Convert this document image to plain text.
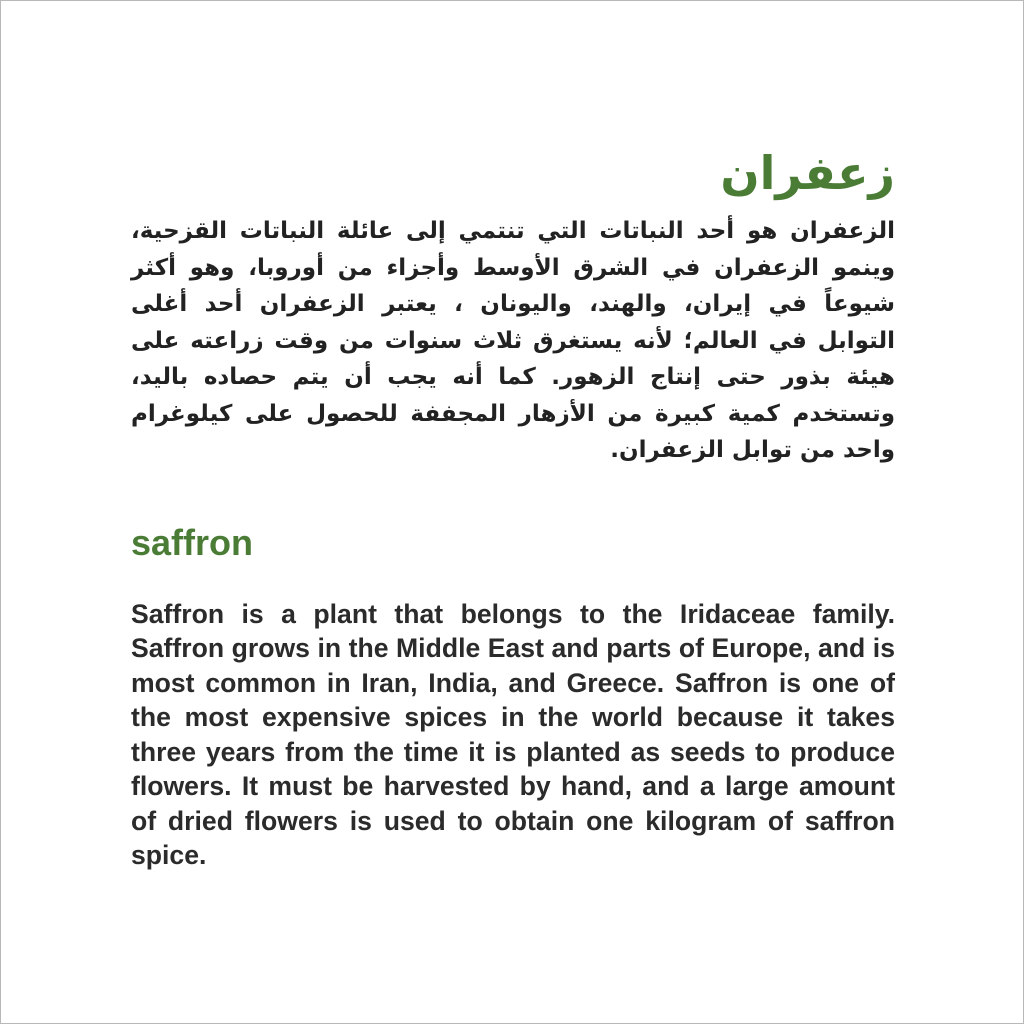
زعفران

الزعفران هو أحد النباتات التي تنتمي إلى عائلة النباتات القزحية، وينمو الزعفران في الشرق الأوسط وأجزاء من أوروبا، وهو أكثر شيوعاً في إيران، والهند، واليونان ، يعتبر الزعفران أحد أغلى التوابل في العالم؛ لأنه يستغرق ثلاث سنوات من وقت زراعته على هيئة بذور حتى إنتاج الزهور. كما أنه يجب أن يتم حصاده باليد، وتستخدم كمية كبيرة من الأزهار المجففة للحصول على كيلوغرام واحد من توابل الزعفران.

saffron

Saffron is a plant that belongs to the Iridaceae family. Saffron grows in the Middle East and parts of Europe, and is most common in Iran, India, and Greece. Saffron is one of the most expensive spices in the world because it takes three years from the time it is planted as seeds to produce flowers. It must be harvested by hand, and a large amount of dried flowers is used to obtain one kilogram of saffron spice.
